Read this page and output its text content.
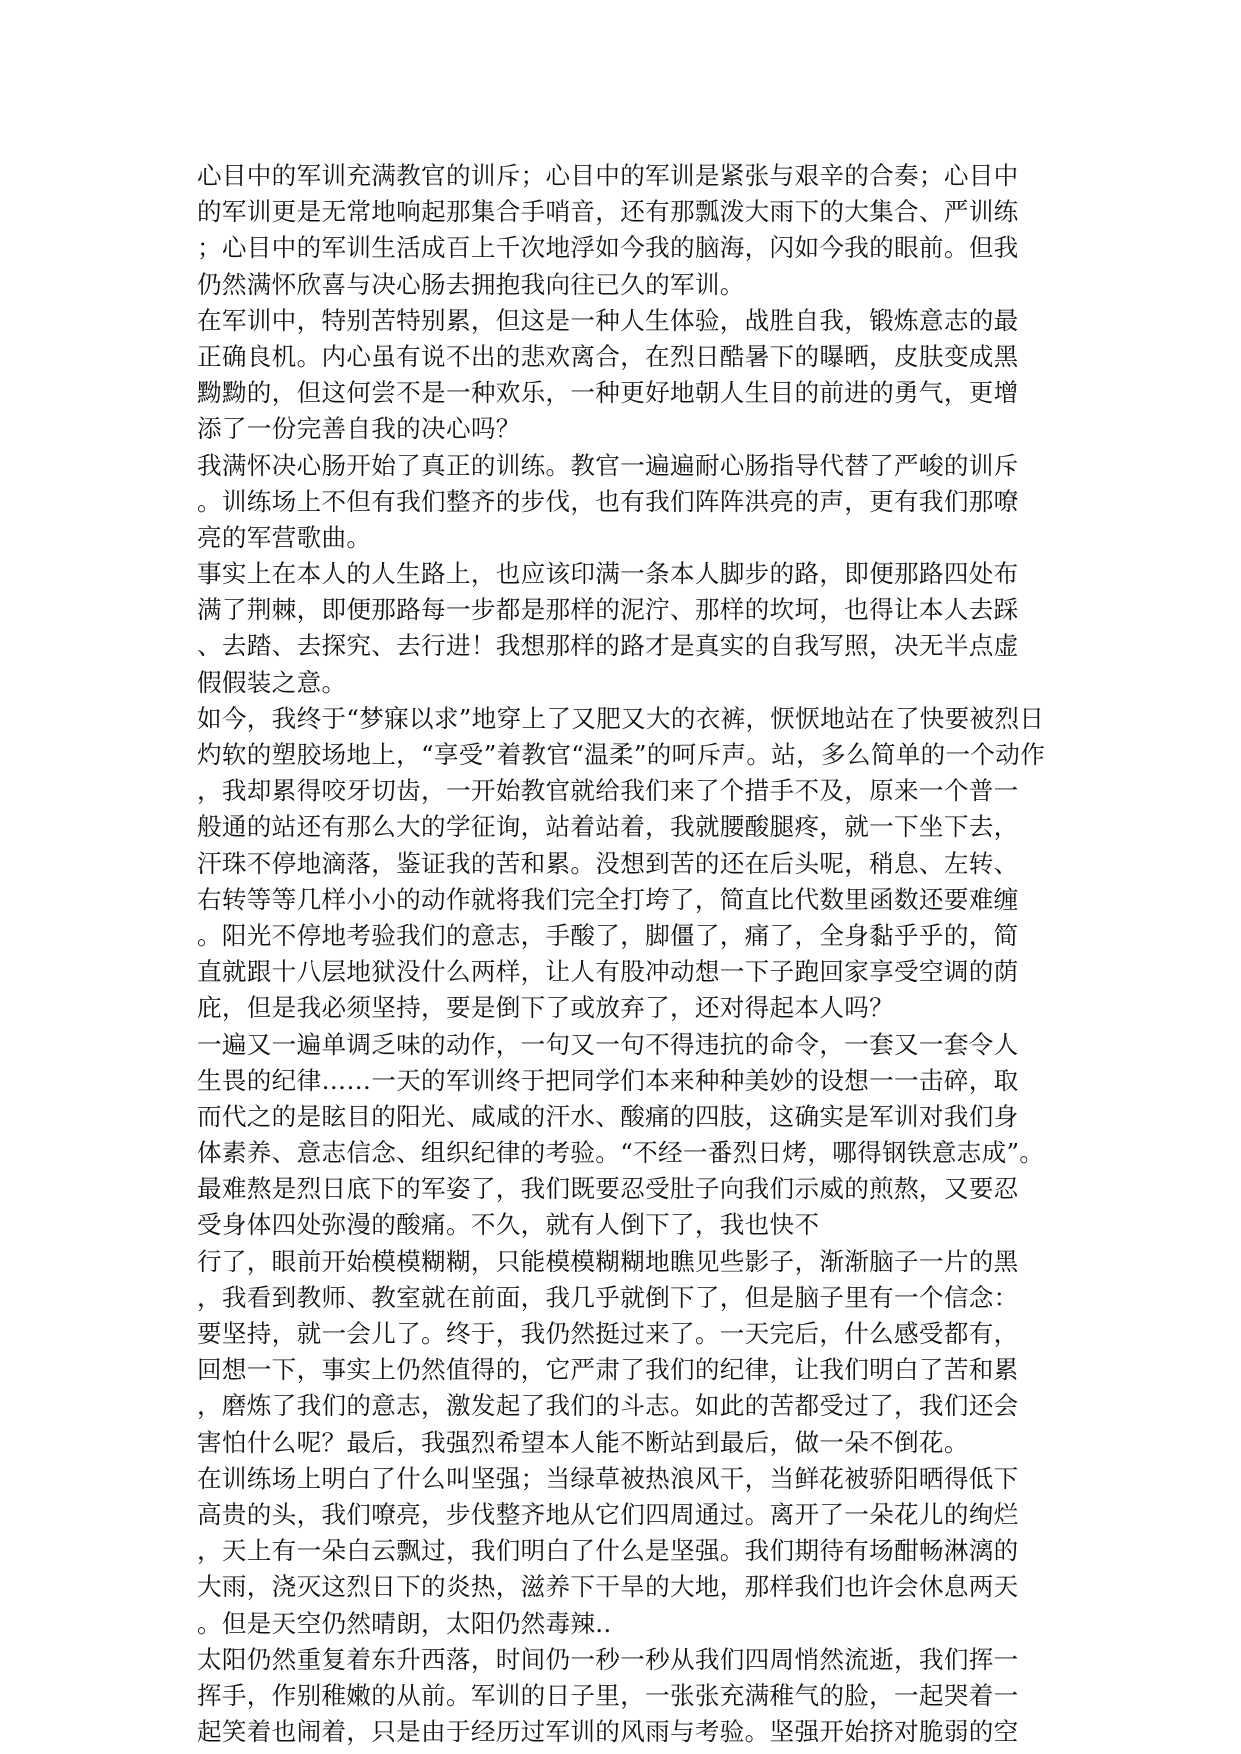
心目中的军训充满教官的训斥；心目中的军训是紧张与艰辛的合奏；心目中
的军训更是无常地响起那集合手哨音，还有那瓢泼大雨下的大集合、严训练
；心目中的军训生活成百上千次地浮如今我的脑海，闪如今我的眼前。但我
仍然满怀欣喜与决心肠去拥抱我向往已久的军训。
在军训中，特别苦特别累，但这是一种人生体验，战胜自我，锻炼意志的最
正确良机。内心虽有说不出的悲欢离合，在烈日酷暑下的曝晒，皮肤变成黑
黝黝的，但这何尝不是一种欢乐，一种更好地朝人生目的前进的勇气，更增
添了一份完善自我的决心吗？
我满怀决心肠开始了真正的训练。教官一遍遍耐心肠指导代替了严峻的训斥
。训练场上不但有我们整齐的步伐，也有我们阵阵洪亮的声，更有我们那嘹
亮的军营歌曲。
事实上在本人的人生路上，也应该印满一条本人脚步的路，即便那路四处布
满了荆棘，即便那路每一步都是那样的泥泞、那样的坎坷，也得让本人去踩
、去踏、去探究、去行进！我想那样的路才是真实的自我写照，决无半点虚
假假装之意。
如今，我终于“梦寐以求”地穿上了又肥又大的衣裤，恹恹地站在了快要被烈日
灼软的塑胶场地上，“享受”着教官“温柔”的呵斥声。站，多么简单的一个动作
，我却累得咬牙切齿，一开始教官就给我们来了个措手不及，原来一个普一
般通的站还有那么大的学征询，站着站着，我就腰酸腿疼，就一下坐下去，
汗珠不停地滴落，鉴证我的苦和累。没想到苦的还在后头呢，稍息、左转、
右转等等几样小小的动作就将我们完全打垮了，简直比代数里函数还要难缠
。阳光不停地考验我们的意志，手酸了，脚僵了，痛了，全身黏乎乎的，简
直就跟十八层地狱没什么两样，让人有股冲动想一下子跑回家享受空调的荫
庇，但是我必须坚持，要是倒下了或放弃了，还对得起本人吗？
一遍又一遍单调乏味的动作，一句又一句不得违抗的命令，一套又一套令人
生畏的纪律……一天的军训终于把同学们本来种种美妙的设想一一击碎，取
而代之的是眩目的阳光、咸咸的汗水、酸痛的四肢，这确实是军训对我们身
体素养、意志信念、组织纪律的考验。“不经一番烈日烤，哪得钢铁意志成”。
最难熬是烈日底下的军姿了，我们既要忍受肚子向我们示威的煎熬，又要忍
受身体四处弥漫的酸痛。不久，就有人倒下了，我也快不
行了，眼前开始模模糊糊，只能模模糊糊地瞧见些影子，渐渐脑子一片的黑
，我看到教师、教室就在前面，我几乎就倒下了，但是脑子里有一个信念：
要坚持，就一会儿了。终于，我仍然挺过来了。一天完后，什么感受都有，
回想一下，事实上仍然值得的，它严肃了我们的纪律，让我们明白了苦和累
，磨炼了我们的意志，激发起了我们的斗志。如此的苦都受过了，我们还会
害怕什么呢？最后，我强烈希望本人能不断站到最后，做一朵不倒花。
在训练场上明白了什么叫坚强；当绿草被热浪风干，当鲜花被骄阳晒得低下
高贵的头，我们嘹亮，步伐整齐地从它们四周通过。离开了一朵花儿的绚烂
，天上有一朵白云飘过，我们明白了什么是坚强。我们期待有场酣畅淋漓的
大雨，浇灭这烈日下的炎热，滋养下干旱的大地，那样我们也许会休息两天
。但是天空仍然晴朗，太阳仍然毒辣..
太阳仍然重复着东升西落，时间仍一秒一秒从我们四周悄然流逝，我们挥一
挥手，作别稚嫩的从前。军训的日子里，一张张充满稚气的脸，一起哭着一
起笑着也闹着，只是由于经历过军训的风雨与考验。坚强开始挤对脆弱的空
